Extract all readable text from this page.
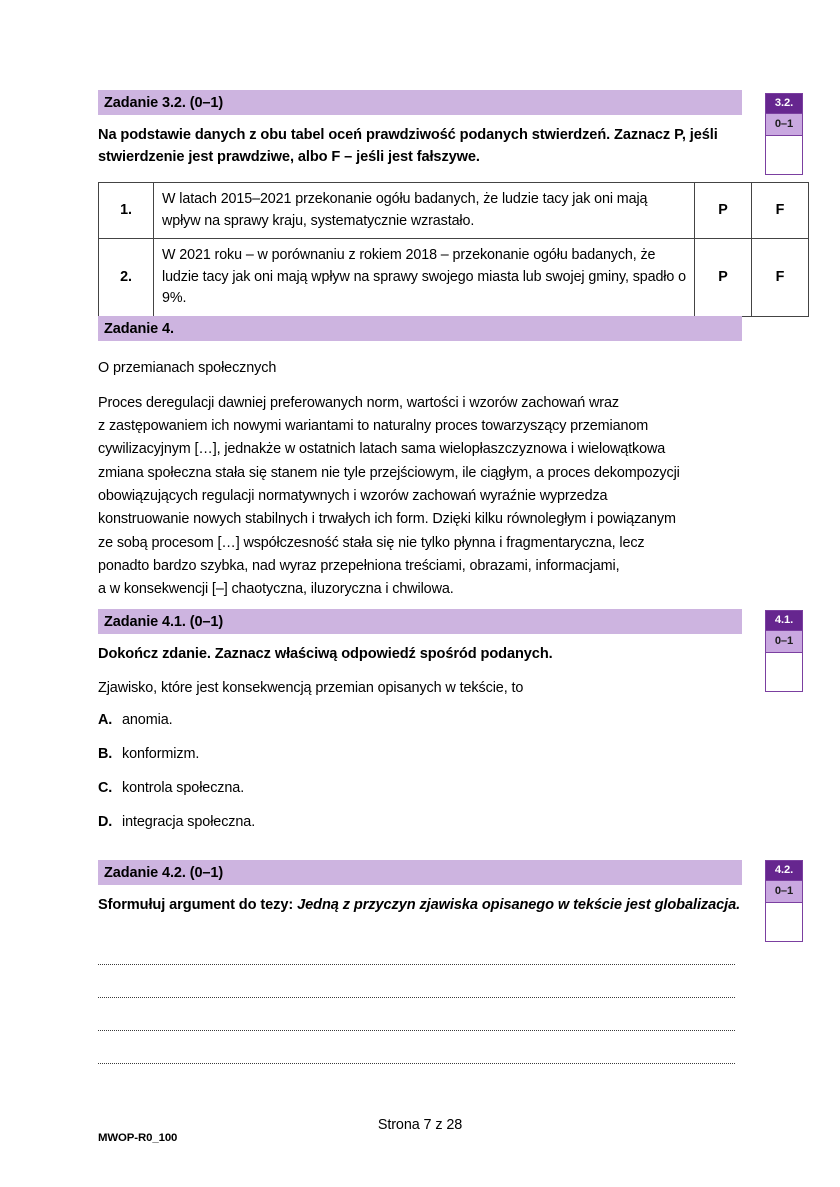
Zadanie 3.2. (0–1)
Na podstawie danych z obu tabel oceń prawdziwość podanych stwierdzeń. Zaznacz P, jeśli stwierdzenie jest prawdziwe, albo F – jeśli jest fałszywe.
1.	W latach 2015–2021 przekonanie ogółu badanych, że ludzie tacy jak oni mają wpływ na sprawy kraju, systematycznie wzrastało.	P	F
2.	W 2021 roku – w porównaniu z rokiem 2018 – przekonanie ogółu badanych, że ludzie tacy jak oni mają wpływ na sprawy swojego miasta lub swojej gminy, spadło o 9%.	P	F
3.2.
0–1
Zadanie 4.
O przemianach społecznych
Proces deregulacji dawniej preferowanych norm, wartości i wzorów zachowań wraz
z zastępowaniem ich nowymi wariantami to naturalny proces towarzyszący przemianom
cywilizacyjnym […], jednakże w ostatnich latach sama wielopłaszczyznowa i wielowątkowa
zmiana społeczna stała się stanem nie tyle przejściowym, ile ciągłym, a proces dekompozycji
obowiązujących regulacji normatywnych i wzorów zachowań wyraźnie wyprzedza
konstruowanie nowych stabilnych i trwałych ich form. Dzięki kilku równoległym i powiązanym
ze sobą procesom […] współczesność stała się nie tylko płynna i fragmentaryczna, lecz
ponadto bardzo szybka, nad wyraz przepełniona treściami, obrazami, informacjami,
a w konsekwencji [–] chaotyczna, iluzoryczna i chwilowa.
Zadanie 4.1. (0–1)
Dokończ zdanie. Zaznacz właściwą odpowiedź spośród podanych.
Zjawisko, które jest konsekwencją przemian opisanych w tekście, to
A. anomia.
B. konformizm.
C. kontrola społeczna.
D. integracja społeczna.
4.1.
0–1
Zadanie 4.2. (0–1)
Sformułuj argument do tezy: Jedną z przyczyn zjawiska opisanego w tekście jest globalizacja.
4.2.
0–1
Strona 7 z 28
MWOP-R0_100
